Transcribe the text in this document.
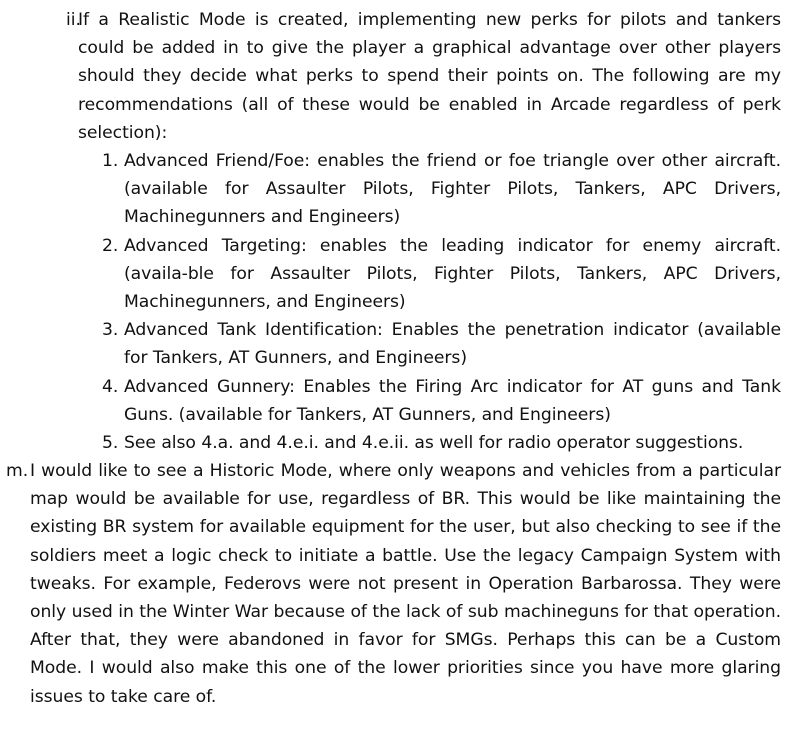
ii.
If a Realistic Mode is created, implementing new perks for pilots and tankers could be added in to give the player a graphical advantage over other players should they decide what perks to spend their points on. The following are my recommendations (all of these would be enabled in Arcade regardless of perk selection):
1. Advanced Friend/Foe: enables the friend or foe triangle over other aircraft. (available for Assaulter Pilots, Fighter Pilots, Tankers, APC Drivers, Machinegunners and Engineers)
2. Advanced Targeting: enables the leading indicator for enemy aircraft. (availa-ble for Assaulter Pilots, Fighter Pilots, Tankers, APC Drivers, Machinegunners, and Engineers)
3. Advanced Tank Identification: Enables the penetration indicator (available for Tankers, AT Gunners, and Engineers)
4. Advanced Gunnery: Enables the Firing Arc indicator for AT guns and Tank Guns. (available for Tankers, AT Gunners, and Engineers)
5. See also 4.a. and 4.e.i. and 4.e.ii. as well for radio operator suggestions.
m. I would like to see a Historic Mode, where only weapons and vehicles from a particular map would be available for use, regardless of BR. This would be like maintaining the existing BR system for available equipment for the user, but also checking to see if the soldiers meet a logic check to initiate a battle. Use the legacy Campaign System with tweaks. For example, Federovs were not present in Operation Barbarossa. They were only used in the Winter War because of the lack of sub machineguns for that operation. After that, they were abandoned in favor for SMGs. Perhaps this can be a Custom Mode. I would also make this one of the lower priorities since you have more glaring issues to take care of.
